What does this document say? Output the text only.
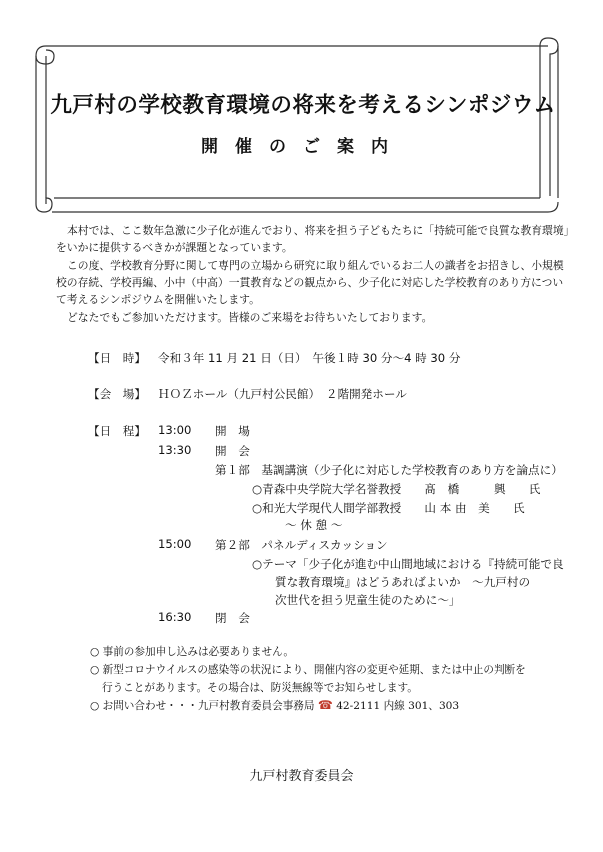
九戸村の学校教育環境の将来を考えるシンポジウム
開催のご案内
本村では、ここ数年急激に少子化が進んでおり、将来を担う子どもたちに「持続可能で良質な教育環境」
をいかに提供するべきかが課題となっています。
この度、学校教育分野に関して専門の立場から研究に取り組んでいるお二人の識者をお招きし、小規模
校の存続、学校再編、小中（中高）一貫教育などの観点から、少子化に対応した学校教育のあり方につい
て考えるシンポジウムを開催いたします。
どなたでもご参加いただけます。皆様のご来場をお待ちいたしております。
【日　時】 令和３年 11 月 21 日（日）　午後１時 30 分～4 時 30 分
【会　場】 ＨＯＺホール（九戸村公民館）　２階開発ホール
【日　程】 13:00 開　場
13:30 開　会
第１部　基調講演（少子化に対応した学校教育のあり方を論点に）
○青森中央学院大学名誉教授　　髙　橋　　　興　　氏
○和光大学現代人間学部教授　　山 本 由　美　　氏
～ 休 憩 ～
15:00 第２部　パネルディスカッション
○テーマ「少子化が進む中山間地域における『持続可能で良
質な教育環境』はどうあればよいか　～九戸村の
次世代を担う児童生徒のために～」
16:30 閉　会
○ 事前の参加申し込みは必要ありません。
○ 新型コロナウイルスの感染等の状況により、開催内容の変更や延期、または中止の判断を
行うことがあります。その場合は、防災無線等でお知らせします。
○ お問い合わせ・・・九戸村教育委員会事務局 ☎ 42-2111 内線 301、303
九戸村教育委員会
